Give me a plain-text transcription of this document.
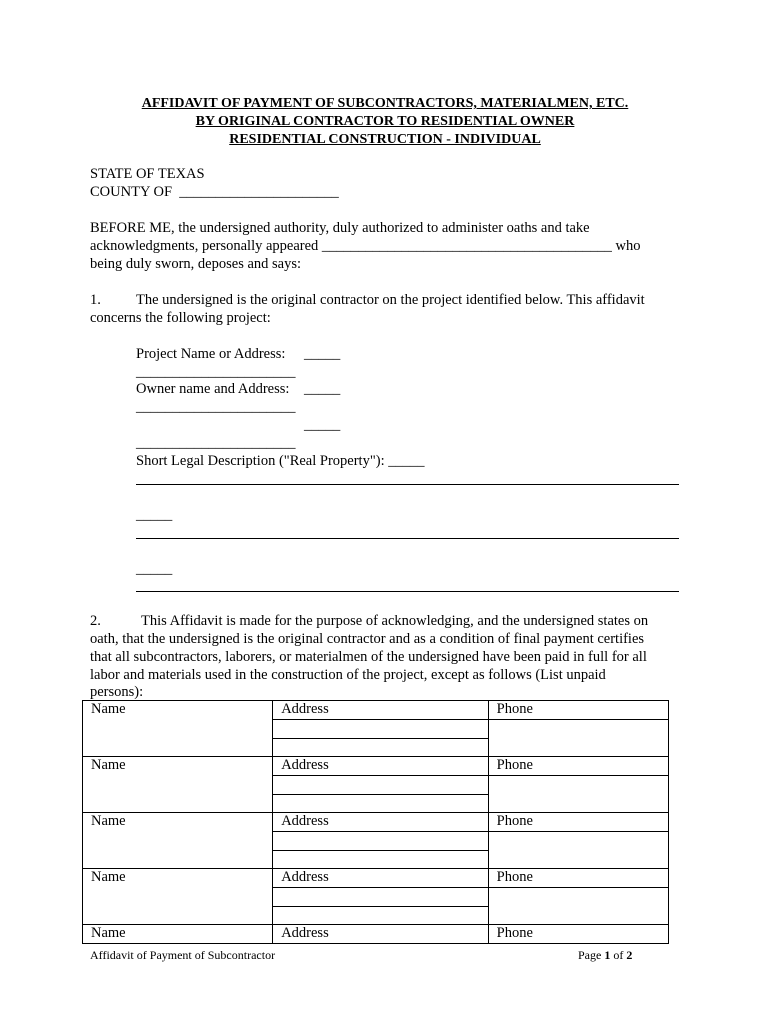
AFFIDAVIT OF PAYMENT OF SUBCONTRACTORS, MATERIALMEN, ETC.
BY ORIGINAL CONTRACTOR TO RESIDENTIAL OWNER
RESIDENTIAL CONSTRUCTION - INDIVIDUAL
STATE OF TEXAS
COUNTY OF ______________________
BEFORE ME, the undersigned authority, duly authorized to administer oaths and take
acknowledgments, personally appeared ________________________________________ who
being duly sworn, deposes and says:
1. The undersigned is the original contractor on the project identified below. This affidavit
concerns the following project:
Project Name or Address: _____
______________________
Owner name and Address: _____
______________________
_____
______________________
Short Legal Description ("Real Property"): _____
_____
_____
2.	This Affidavit is made for the purpose of acknowledging, and the undersigned states on
oath, that the undersigned is the original contractor and as a condition of final payment certifies
that all subcontractors, laborers, or materialmen of the undersigned have been paid in full for all
labor and materials used in the construction of the project, except as follows (List unpaid
persons):
Name	Address	Phone

Name	Address	Phone

Name	Address	Phone

Name	Address	Phone

Name	Address	Phone
Affidavit of Payment of Subcontractor	Page 1 of 2
